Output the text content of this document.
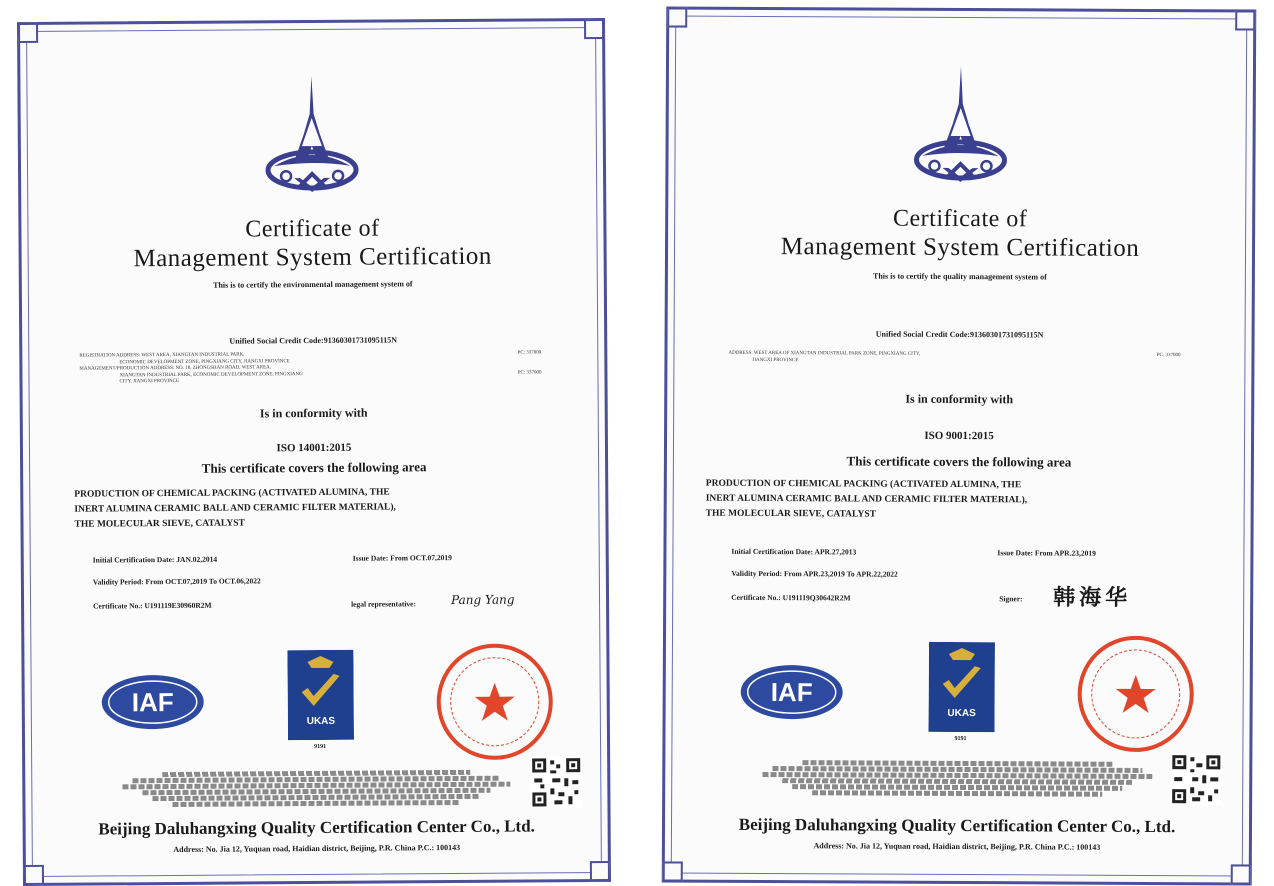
Certificate of
Management System Certification
This is to certify the environmental management system of
Unified Social Credit Code:91360301731095115N
REGISTRATION ADDRESS: WEST AREA, XIANGTAN INDUSTRIAL PARK,
ECONOMIC DEVELOPMENT ZONE, PINGXIANG CITY, JIANGXI PROVINCE
MANAGEMENT/PRODUCTION ADDRESS: NO. 18, ZHONGSHAN ROAD, WEST AREA,
XIANGTAN INDUSTRIAL PARK, ECONOMIC DEVELOPMENT ZONE, PINGXIANG
CITY, JIANGXI PROVINCE
PC: 337000
PC: 337000
Is in conformity with
ISO 14001:2015
This certificate covers the following area
PRODUCTION OF CHEMICAL PACKING (ACTIVATED ALUMINA, THE
INERT ALUMINA CERAMIC BALL AND CERAMIC FILTER MATERIAL),
THE MOLECULAR SIEVE, CATALYST
Initial Certification Date: JAN.02,2014	Issue Date: From OCT.07,2019
Validity Period: From OCT.07,2019 To OCT.06,2022
Certificate No.: U191119E30960R2M	legal representative:	Pang Yang
IAF
UKAS
9191
Beijing Daluhangxing Quality Certification Center Co., Ltd.
Address: No. Jia 12, Yuquan road, Haidian district, Beijing, P.R. China P.C.: 100143
Certificate of
Management System Certification
This is to certify the quality management system of
Unified Social Credit Code:91360301731095115N
ADDRESS: WEST AREA OF XIANGTAN INDUSTRIAL PARK ZONE, PINGXIANG CITY,
JIANGXI PROVINCE
PC: 337000
Is in conformity with
ISO 9001:2015
This certificate covers the following area
PRODUCTION OF CHEMICAL PACKING (ACTIVATED ALUMINA, THE
INERT ALUMINA CERAMIC BALL AND CERAMIC FILTER MATERIAL),
THE MOLECULAR SIEVE, CATALYST
Initial Certification Date: APR.27,2013	Issue Date: From APR.23,2019
Validity Period: From APR.23,2019 To APR.22,2022
Certificate No.: U191119Q30642R2M	Signer: 韩海华
IAF
UKAS
9191
Beijing Daluhangxing Quality Certification Center Co., Ltd.
Address: No. Jia 12, Yuquan road, Haidian district, Beijing, P.R. China P.C.: 100143
